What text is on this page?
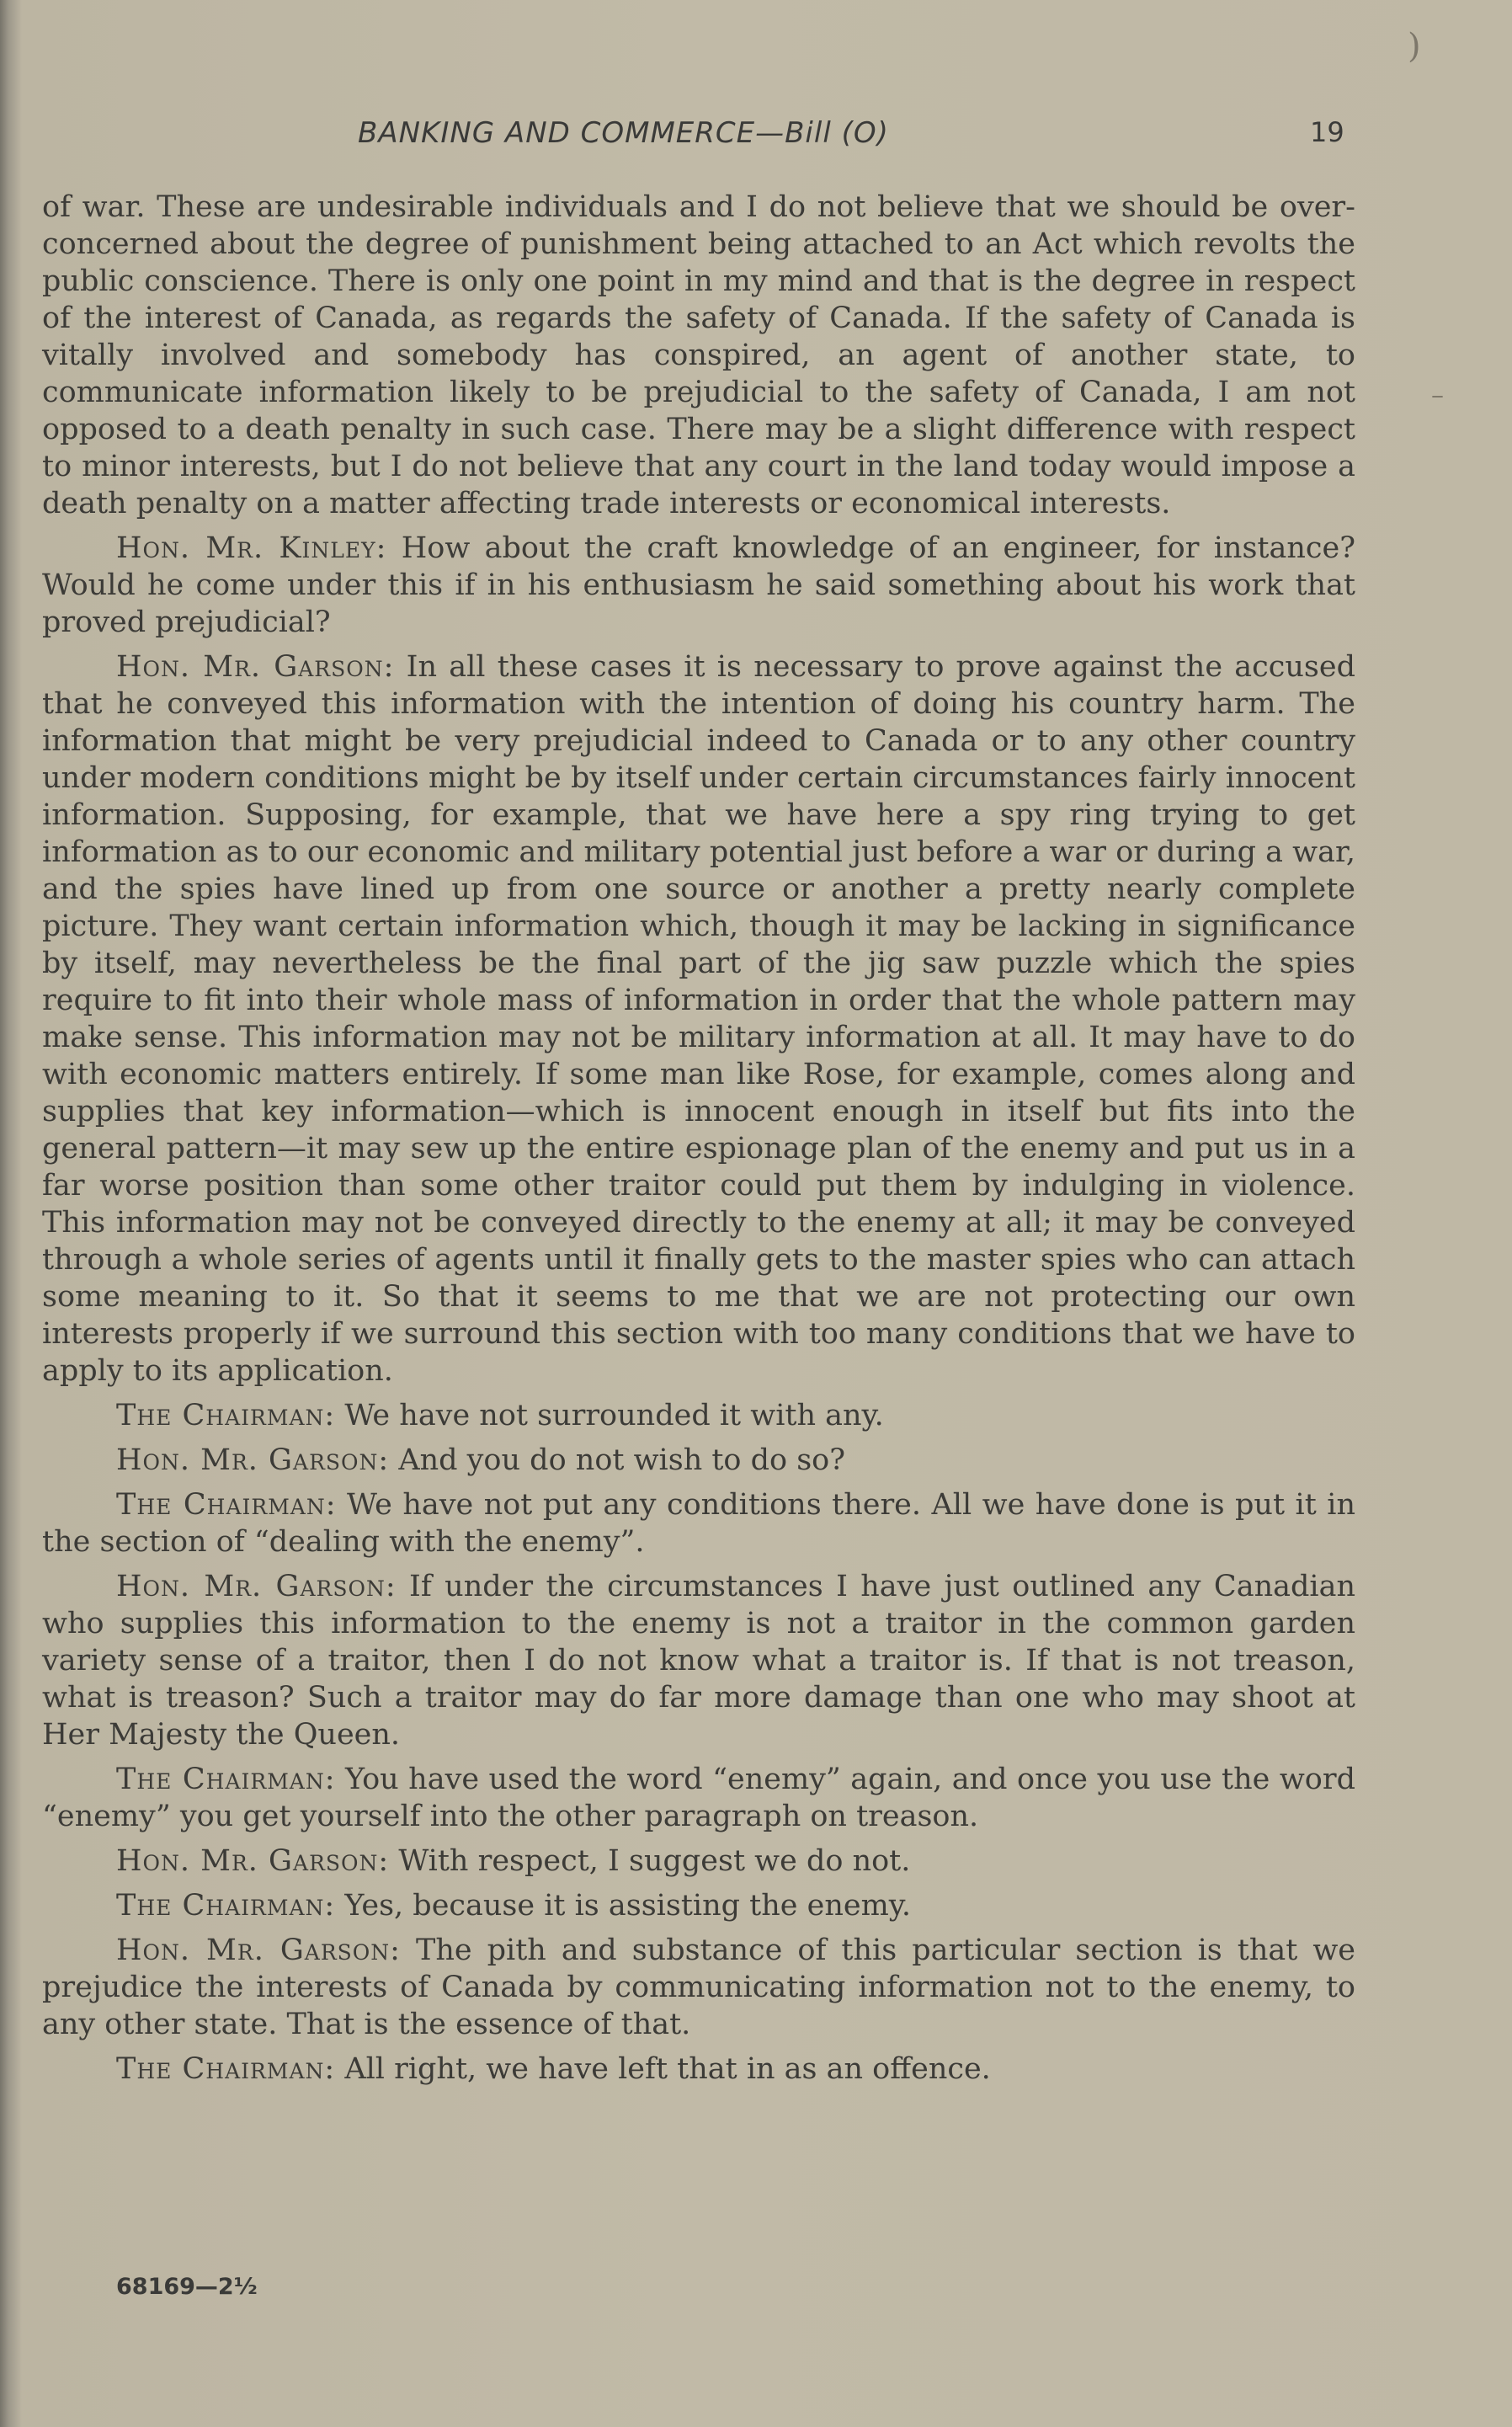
)
–
BANKING AND COMMERCE—Bill (O)	19

of war. These are undesirable individuals and I do not believe that we should be over-concerned about the degree of punishment being attached to an Act which revolts the public conscience. There is only one point in my mind and that is the degree in respect of the interest of Canada, as regards the safety of Canada. If the safety of Canada is vitally involved and somebody has conspired, an agent of another state, to communicate information likely to be prejudicial to the safety of Canada, I am not opposed to a death penalty in such case. There may be a slight difference with respect to minor interests, but I do not believe that any court in the land today would impose a death penalty on a matter affecting trade interests or economical interests.

Hon. Mr. Kinley: How about the craft knowledge of an engineer, for instance? Would he come under this if in his enthusiasm he said something about his work that proved prejudicial?

Hon. Mr. Garson: In all these cases it is necessary to prove against the accused that he conveyed this information with the intention of doing his country harm. The information that might be very prejudicial indeed to Canada or to any other country under modern conditions might be by itself under certain circumstances fairly innocent information. Supposing, for example, that we have here a spy ring trying to get information as to our economic and military potential just before a war or during a war, and the spies have lined up from one source or another a pretty nearly complete picture. They want certain information which, though it may be lacking in significance by itself, may nevertheless be the final part of the jig saw puzzle which the spies require to fit into their whole mass of information in order that the whole pattern may make sense. This information may not be military information at all. It may have to do with economic matters entirely. If some man like Rose, for example, comes along and supplies that key information—which is innocent enough in itself but fits into the general pattern—it may sew up the entire espionage plan of the enemy and put us in a far worse position than some other traitor could put them by indulging in violence. This information may not be conveyed directly to the enemy at all; it may be conveyed through a whole series of agents until it finally gets to the master spies who can attach some meaning to it. So that it seems to me that we are not protecting our own interests properly if we surround this section with too many conditions that we have to apply to its application.

The Chairman: We have not surrounded it with any.

Hon. Mr. Garson: And you do not wish to do so?

The Chairman: We have not put any conditions there. All we have done is put it in the section of “dealing with the enemy”.

Hon. Mr. Garson: If under the circumstances I have just outlined any Canadian who supplies this information to the enemy is not a traitor in the common garden variety sense of a traitor, then I do not know what a traitor is. If that is not treason, what is treason? Such a traitor may do far more damage than one who may shoot at Her Majesty the Queen.

The Chairman: You have used the word “enemy” again, and once you use the word “enemy” you get yourself into the other paragraph on treason.

Hon. Mr. Garson: With respect, I suggest we do not.

The Chairman: Yes, because it is assisting the enemy.

Hon. Mr. Garson: The pith and substance of this particular section is that we prejudice the interests of Canada by communicating information not to the enemy, to any other state. That is the essence of that.

The Chairman: All right, we have left that in as an offence.

68169—2½
